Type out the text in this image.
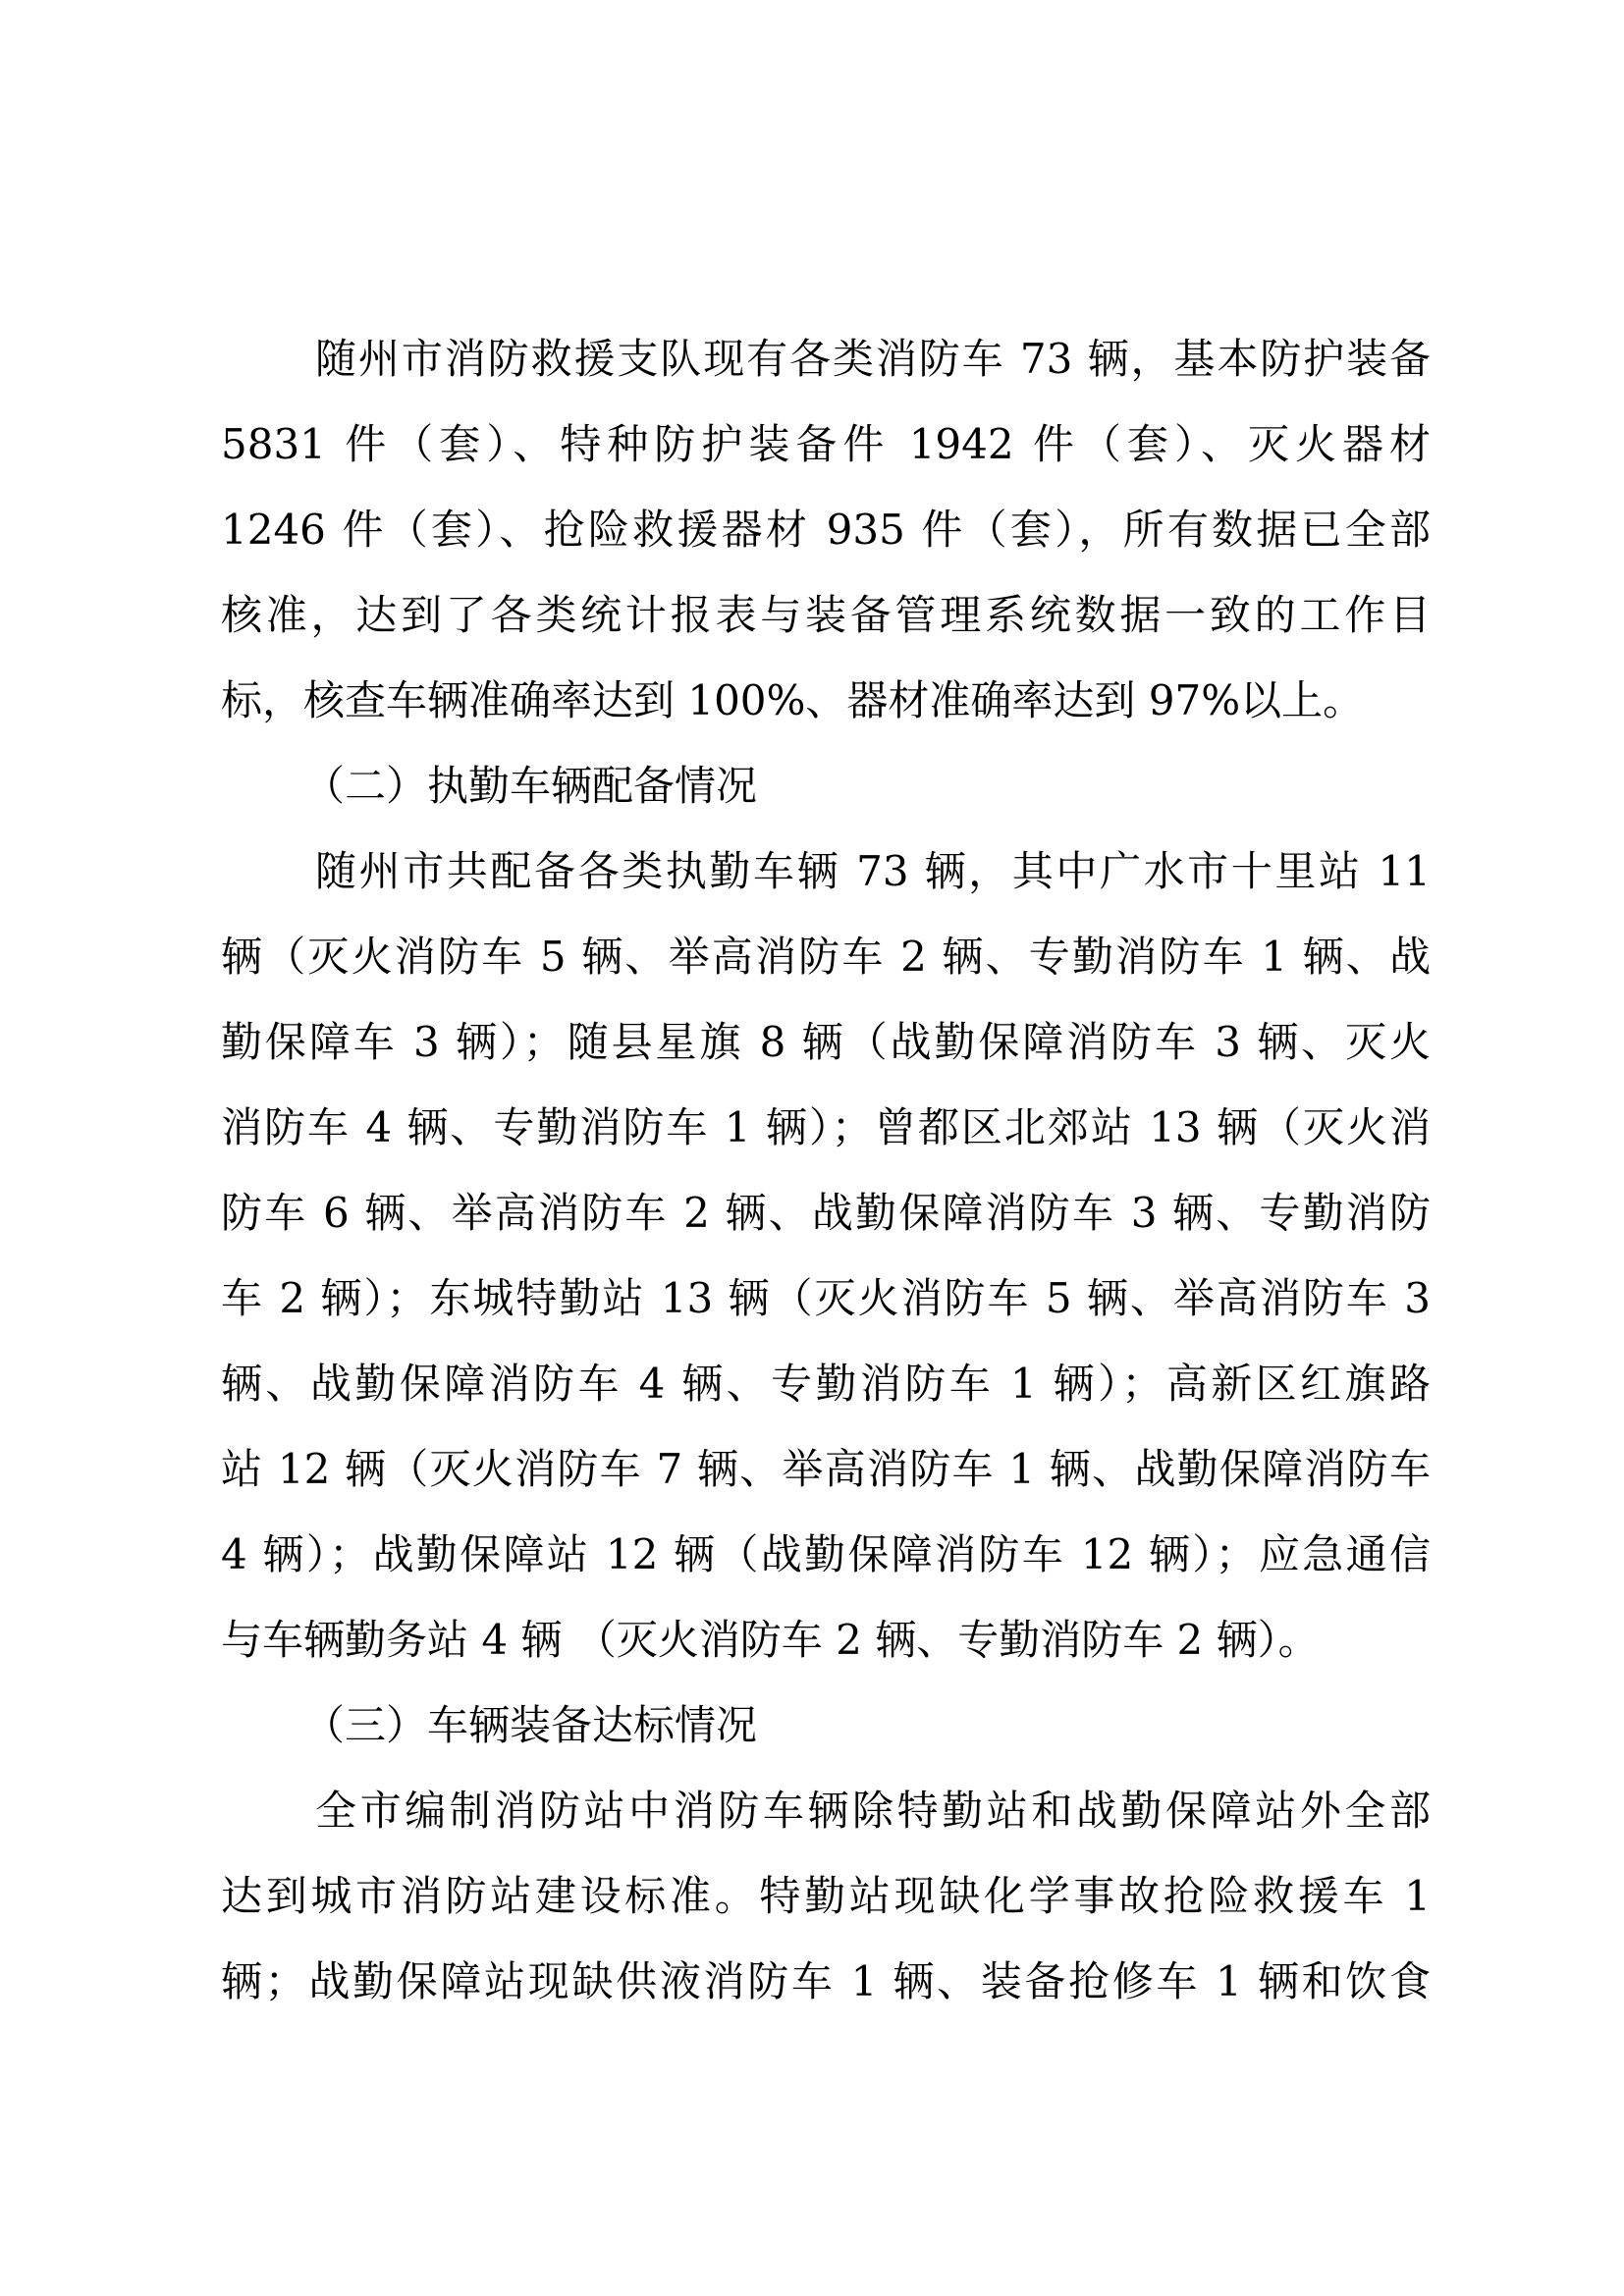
随州市消防救援支队现有各类消防车 73 辆，基本防护装备
5831 件（套）、特种防护装备件 1942 件（套）、灭火器材
1246 件（套）、抢险救援器材 935 件（套），所有数据已全部
核准，达到了各类统计报表与装备管理系统数据一致的工作目
标，核查车辆准确率达到 100%、器材准确率达到 97%以上。
（二）执勤车辆配备情况
随州市共配备各类执勤车辆 73 辆，其中广水市十里站 11
辆（灭火消防车 5 辆、举高消防车 2 辆、专勤消防车 1 辆、战
勤保障车 3 辆）；随县星旗 8 辆（战勤保障消防车 3 辆、灭火
消防车 4 辆、专勤消防车 1 辆）；曾都区北郊站 13 辆（灭火消
防车 6 辆、举高消防车 2 辆、战勤保障消防车 3 辆、专勤消防
车 2 辆）；东城特勤站 13 辆（灭火消防车 5 辆、举高消防车 3
辆、战勤保障消防车 4 辆、专勤消防车 1 辆）；高新区红旗路
站 12 辆（灭火消防车 7 辆、举高消防车 1 辆、战勤保障消防车
4 辆）；战勤保障站 12 辆（战勤保障消防车 12 辆）；应急通信
与车辆勤务站 4 辆 （灭火消防车 2 辆、专勤消防车 2 辆）。
（三）车辆装备达标情况
全市编制消防站中消防车辆除特勤站和战勤保障站外全部
达到城市消防站建设标准。特勤站现缺化学事故抢险救援车 1
辆；战勤保障站现缺供液消防车 1 辆、装备抢修车 1 辆和饮食
